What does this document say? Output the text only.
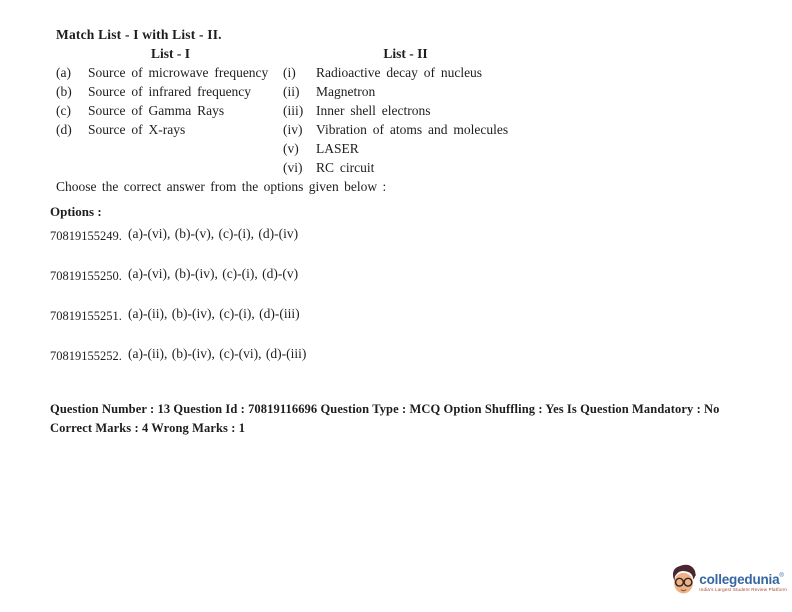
Match List - I with List - II.
List - I	List - II
(a)	Source of microwave frequency	(i)	Radioactive decay of nucleus
(b)	Source of infrared frequency	(ii)	Magnetron
(c)	Source of Gamma Rays	(iii) Inner shell electrons
(d)	Source of X-rays	(iv)	Vibration of atoms and molecules
(v)	LASER
(vi)	RC circuit
Choose the correct answer from the options given below :
Options :
70819155249. (a)-(vi), (b)-(v), (c)-(i), (d)-(iv)
70819155250. (a)-(vi), (b)-(iv), (c)-(i), (d)-(v)
70819155251. (a)-(ii), (b)-(iv), (c)-(i), (d)-(iii)
70819155252. (a)-(ii), (b)-(iv), (c)-(vi), (d)-(iii)
Question Number : 13 Question Id : 70819116696 Question Type : MCQ Option Shuffling : Yes Is Question Mandatory : No
Correct Marks : 4 Wrong Marks : 1
collegedunia ®
India's Largest Student Review Platform
